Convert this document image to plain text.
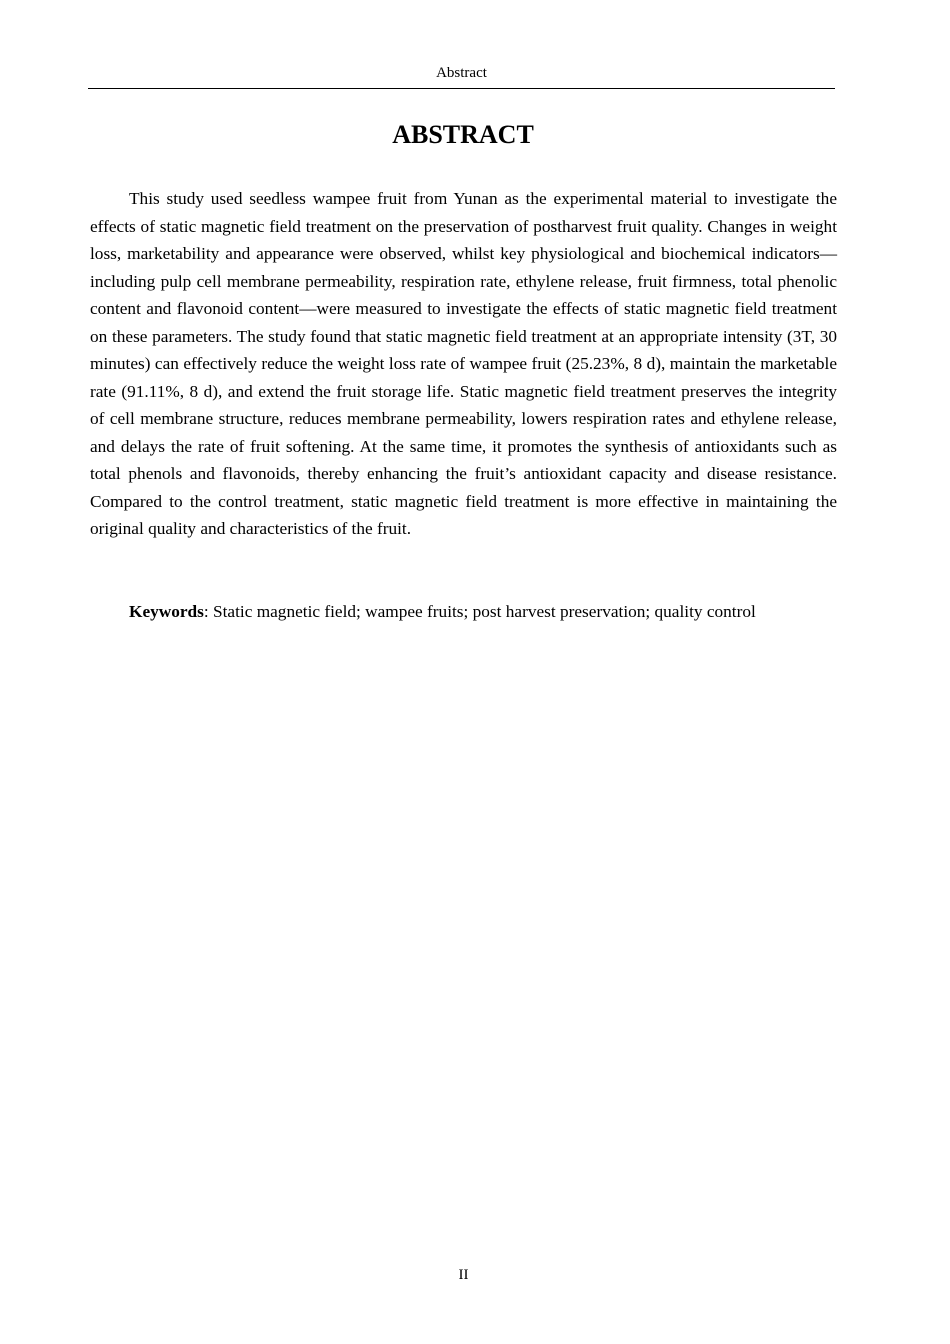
Abstract
ABSTRACT

This study used seedless wampee fruit from Yunan as the experimental material to investigate the effects of static magnetic field treatment on the preservation of postharvest fruit quality. Changes in weight loss, marketability and appearance were observed, whilst key physiological and biochemical indicators—including pulp cell membrane permeability, respiration rate, ethylene release, fruit firmness, total phenolic content and flavonoid content—were measured to investigate the effects of static magnetic field treatment on these parameters. The study found that static magnetic field treatment at an appropriate intensity (3T, 30 minutes) can effectively reduce the weight loss rate of wampee fruit (25.23%, 8 d), maintain the marketable rate (91.11%, 8 d), and extend the fruit storage life. Static magnetic field treatment preserves the integrity of cell membrane structure, reduces membrane permeability, lowers respiration rates and ethylene release, and delays the rate of fruit softening. At the same time, it promotes the synthesis of antioxidants such as total phenols and flavonoids, thereby enhancing the fruit’s antioxidant capacity and disease resistance. Compared to the control treatment, static magnetic field treatment is more effective in maintaining the original quality and characteristics of the fruit.

Keywords: Static magnetic field; wampee fruits; post harvest preservation; quality control

II
